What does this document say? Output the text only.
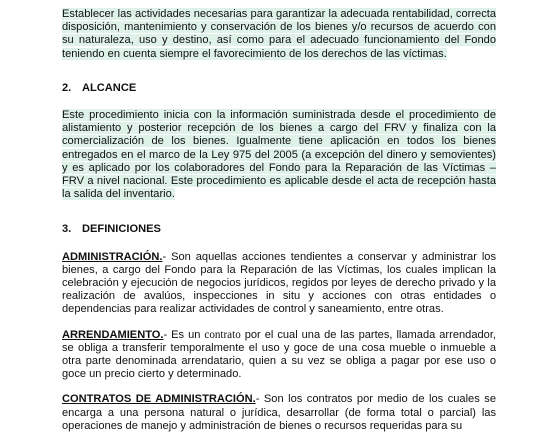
Establecer las actividades necesarias para garantizar la adecuada rentabilidad, correcta disposición, mantenimiento y conservación de los bienes y/o recursos de acuerdo con su naturaleza, uso y destino, así como para el adecuado funcionamiento del Fondo teniendo en cuenta siempre el favorecimiento de los derechos de las víctimas.

2. ALCANCE

Este procedimiento inicia con la información suministrada desde el procedimiento de alistamiento y posterior recepción de los bienes a cargo del FRV y finaliza con la comercialización de los bienes. Igualmente tiene aplicación en todos los bienes entregados en el marco de la Ley 975 del 2005 (a excepción del dinero y semovientes) y es aplicado por los colaboradores del Fondo para la Reparación de las Víctimas – FRV a nivel nacional. Este procedimiento es aplicable desde el acta de recepción hasta la salida del inventario.

3. DEFINICIONES

ADMINISTRACIÓN.- Son aquellas acciones tendientes a conservar y administrar los bienes, a cargo del Fondo para la Reparación de las Víctimas, los cuales implican la celebración y ejecución de negocios jurídicos, regidos por leyes de derecho privado y la realización de avalúos, inspecciones in situ y acciones con otras entidades o dependencias para realizar actividades de control y saneamiento, entre otras.

ARRENDAMIENTO.- Es un contrato por el cual una de las partes, llamada arrendador, se obliga a transferir temporalmente el uso y goce de una cosa mueble o inmueble a otra parte denominada arrendatario, quien a su vez se obliga a pagar por ese uso o goce un precio cierto y determinado.

CONTRATOS DE ADMINISTRACIÓN.- Son los contratos por medio de los cuales se encarga a una persona natural o jurídica, desarrollar (de forma total o parcial) las operaciones de manejo y administración de bienes o recursos requeridas para su
